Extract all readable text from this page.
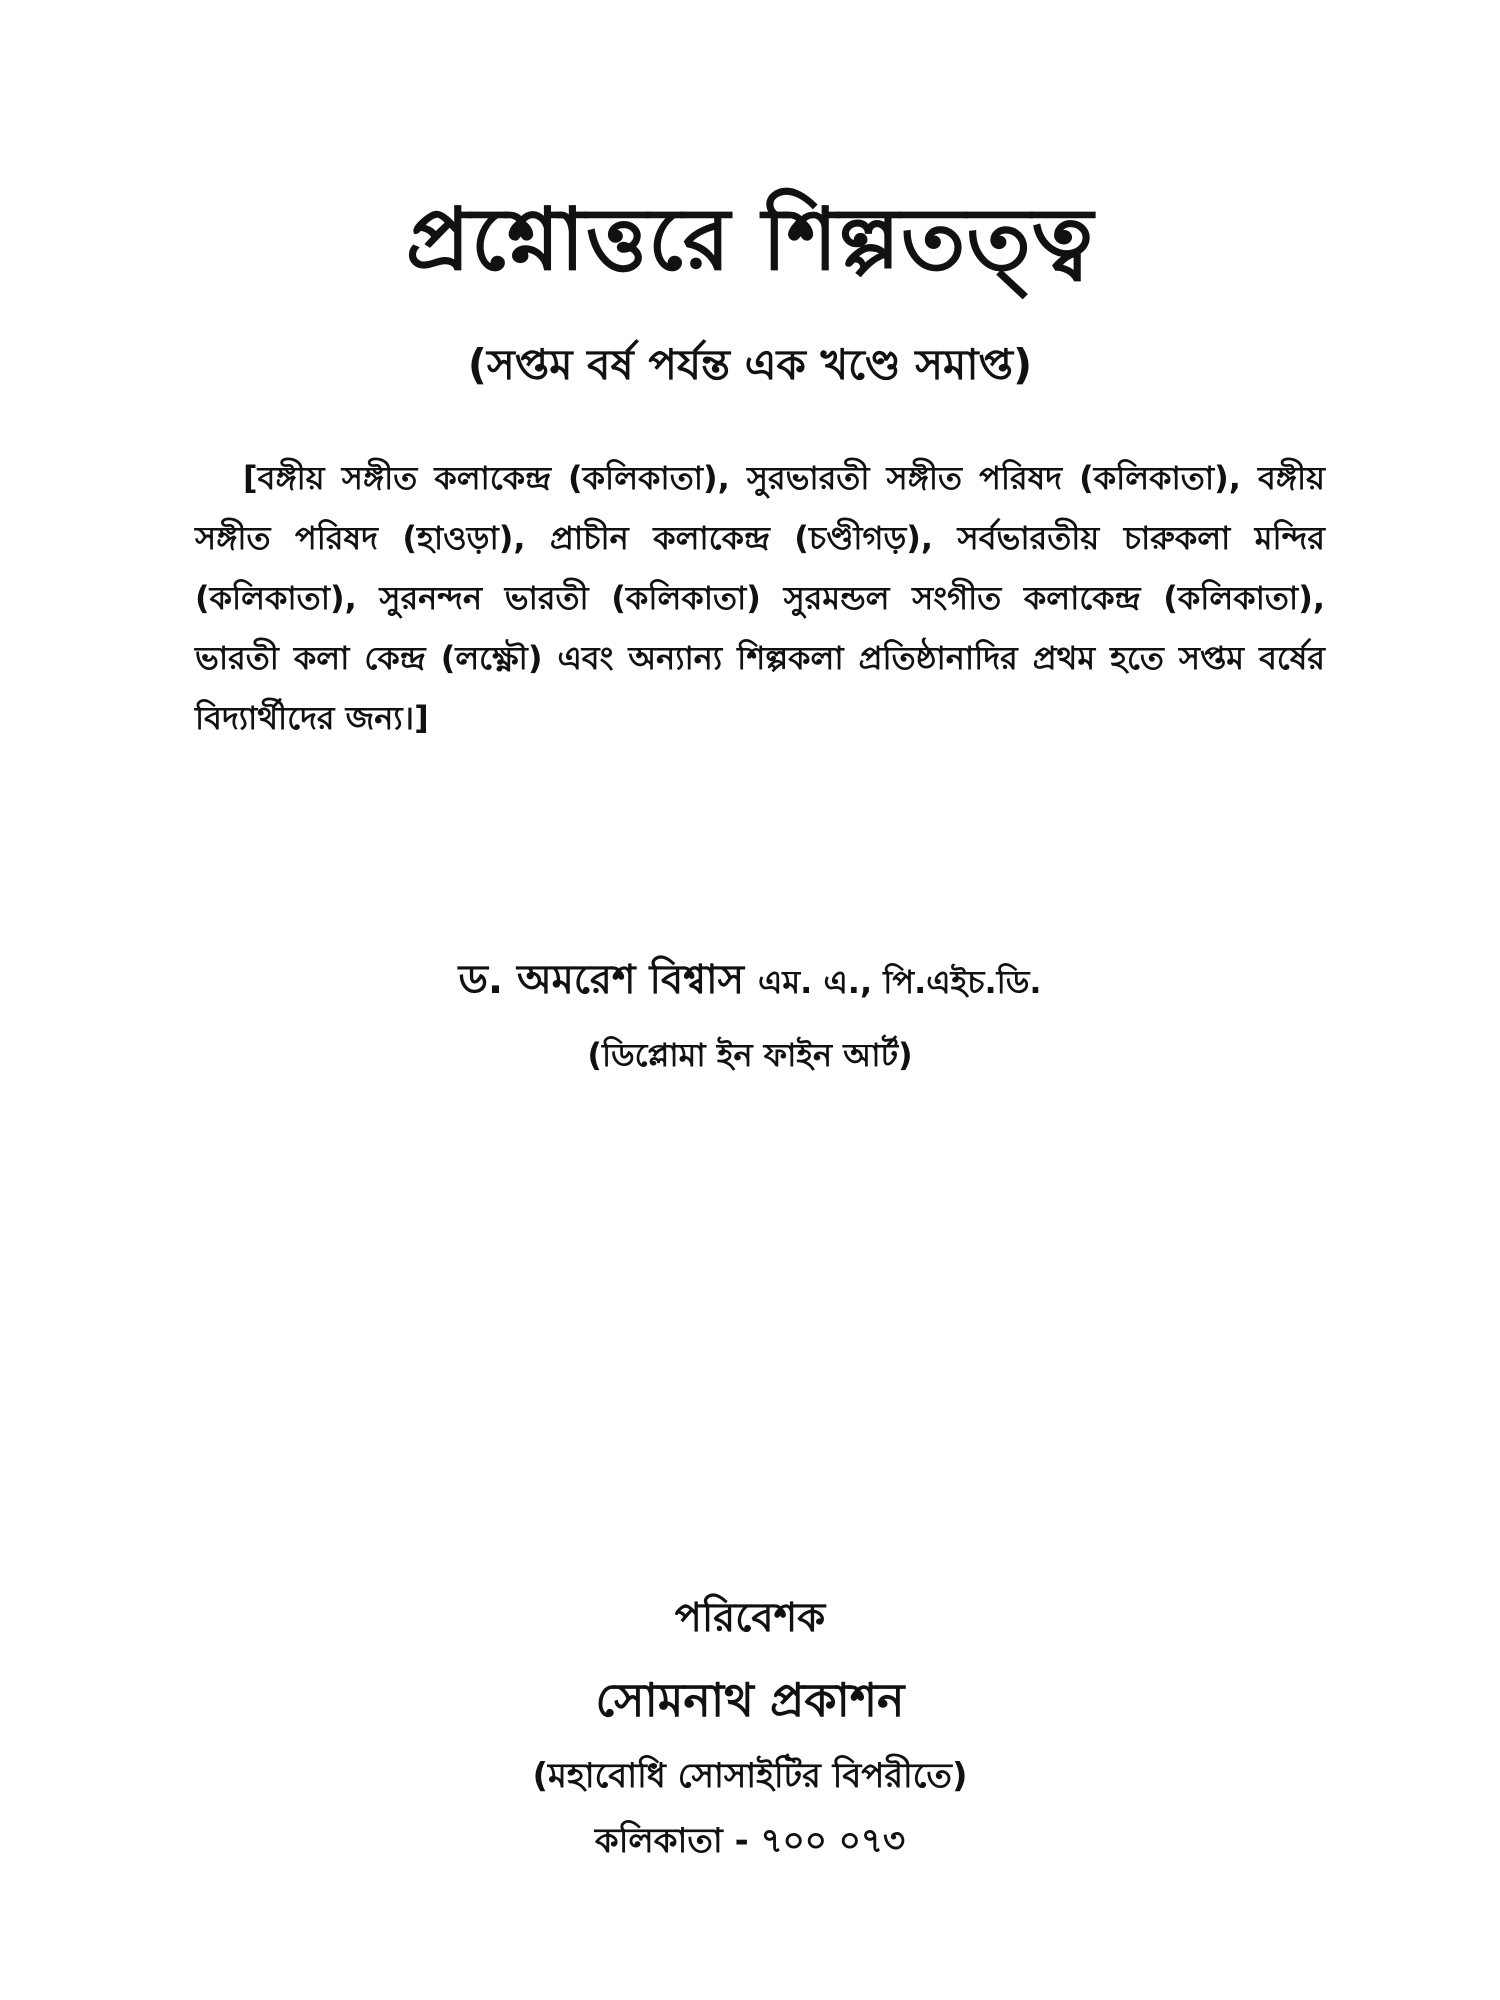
প্রশ্নোত্তরে শিল্পতত্ত্ব
(সপ্তম বর্ষ পর্যন্ত এক খণ্ডে সমাপ্ত)
[বঙ্গীয় সঙ্গীত কলাকেন্দ্র (কলিকাতা), সুরভারতী সঙ্গীত পরিষদ (কলিকাতা), বঙ্গীয়
সঙ্গীত পরিষদ (হাওড়া), প্রাচীন কলাকেন্দ্র (চণ্ডীগড়), সর্বভারতীয় চারুকলা মন্দির
(কলিকাতা), সুরনন্দন ভারতী (কলিকাতা) সুরমন্ডল সংগীত কলাকেন্দ্র (কলিকাতা),
ভারতী কলা কেন্দ্র (লক্ষ্ণৌ) এবং অন্যান্য শিল্পকলা প্রতিষ্ঠানাদির প্রথম হতে সপ্তম বর্ষের
বিদ্যার্থীদের জন্য।]
ড. অমরেশ বিশ্বাস এম. এ., পি.এইচ.ডি.
(ডিপ্লোমা ইন ফাইন আর্ট)
পরিবেশক
সোমনাথ প্রকাশন
(মহাবোধি সোসাইটির বিপরীতে)
কলিকাতা - ৭০০ ০৭৩
